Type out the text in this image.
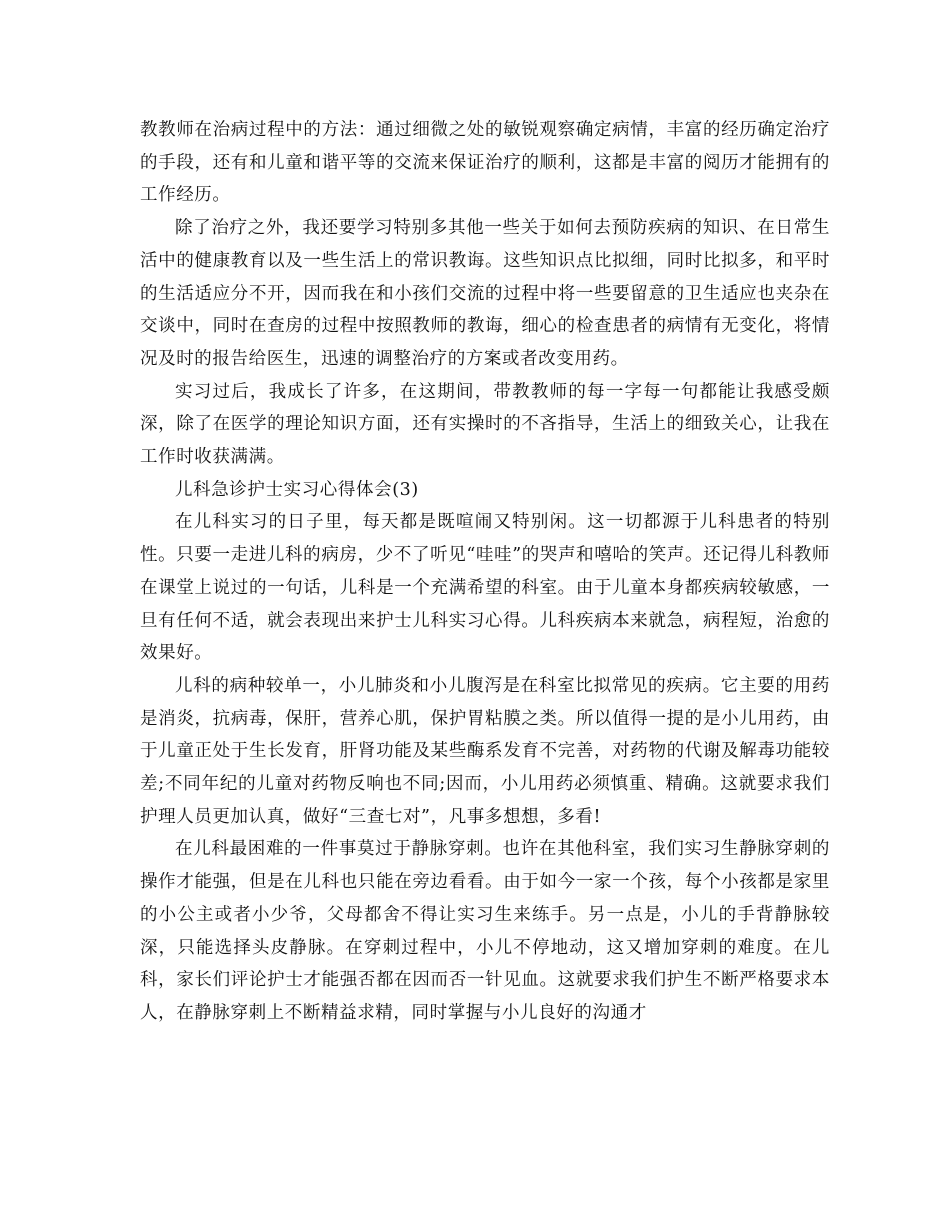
教教师在治病过程中的方法：通过细微之处的敏锐观察确定病情，丰富的经历确定治疗的手段，还有和儿童和谐平等的交流来保证治疗的顺利，这都是丰富的阅历才能拥有的工作经历。

除了治疗之外，我还要学习特别多其他一些关于如何去预防疾病的知识、在日常生活中的健康教育以及一些生活上的常识教诲。这些知识点比拟细，同时比拟多，和平时的生活适应分不开，因而我在和小孩们交流的过程中将一些要留意的卫生适应也夹杂在交谈中，同时在查房的过程中按照教师的教诲，细心的检查患者的病情有无变化，将情况及时的报告给医生，迅速的调整治疗的方案或者改变用药。

实习过后，我成长了许多，在这期间，带教教师的每一字每一句都能让我感受颇深，除了在医学的理论知识方面，还有实操时的不吝指导，生活上的细致关心，让我在工作时收获满满。

儿科急诊护士实习心得体会(3)

在儿科实习的日子里，每天都是既喧闹又特别闲。这一切都源于儿科患者的特别性。只要一走进儿科的病房，少不了听见“哇哇”的哭声和嘻哈的笑声。还记得儿科教师在课堂上说过的一句话，儿科是一个充满希望的科室。由于儿童本身都疾病较敏感，一旦有任何不适，就会表现出来护士儿科实习心得。儿科疾病本来就急，病程短，治愈的效果好。

儿科的病种较单一，小儿肺炎和小儿腹泻是在科室比拟常见的疾病。它主要的用药是消炎，抗病毒，保肝，营养心肌，保护胃粘膜之类。所以值得一提的是小儿用药，由于儿童正处于生长发育，肝肾功能及某些酶系发育不完善，对药物的代谢及解毒功能较差;不同年纪的儿童对药物反响也不同;因而，小儿用药必须慎重、精确。这就要求我们护理人员更加认真，做好“三查七对”，凡事多想想，多看!

在儿科最困难的一件事莫过于静脉穿刺。也许在其他科室，我们实习生静脉穿刺的操作才能强，但是在儿科也只能在旁边看看。由于如今一家一个孩，每个小孩都是家里的小公主或者小少爷，父母都舍不得让实习生来练手。另一点是，小儿的手背静脉较深，只能选择头皮静脉。在穿刺过程中，小儿不停地动，这又增加穿刺的难度。在儿科，家长们评论护士才能强否都在因而否一针见血。这就要求我们护生不断严格要求本人，在静脉穿刺上不断精益求精，同时掌握与小儿良好的沟通才
